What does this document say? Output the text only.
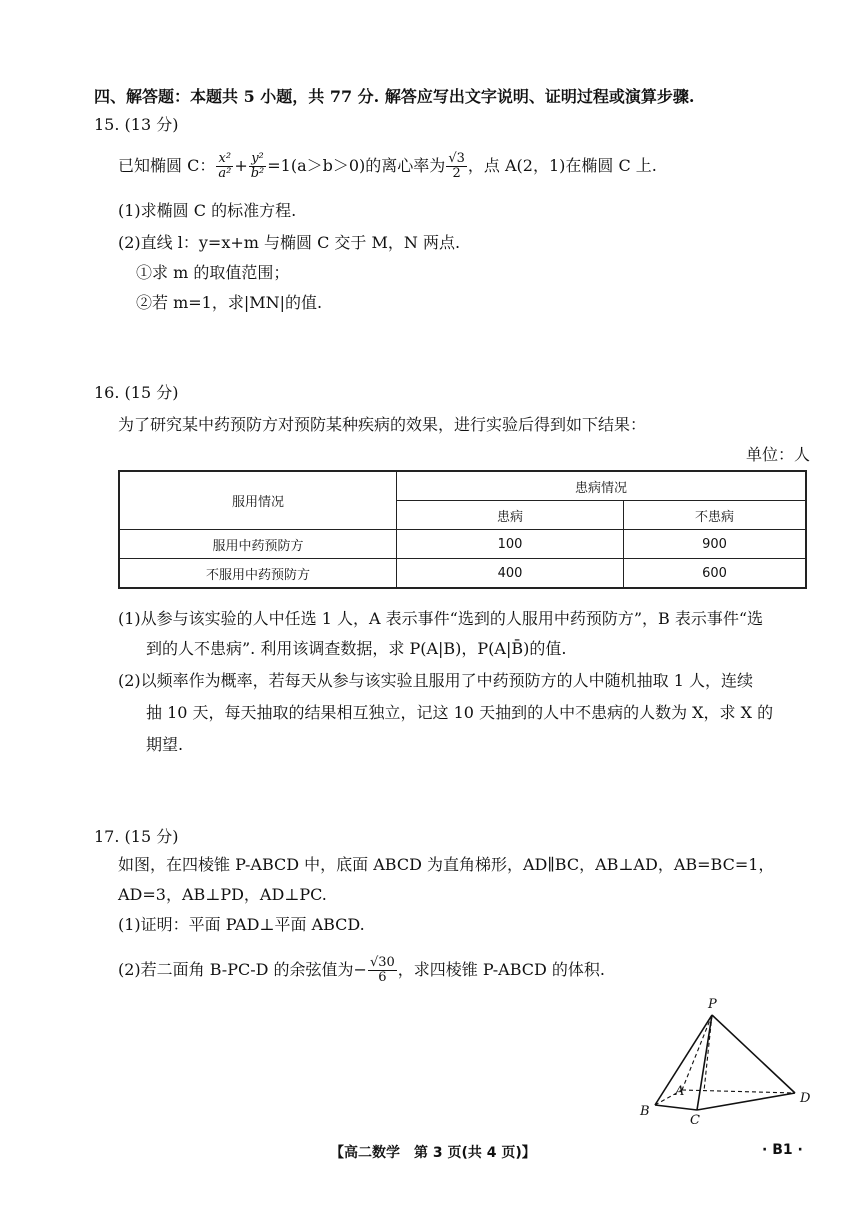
四、解答题：本题共 5 小题，共 77 分. 解答应写出文字说明、证明过程或演算步骤.
15. (13 分)
已知椭圆 C： $\frac{\text{x²}}{\text{a²}} + \frac{\text{y²}}{\text{b²}} =1(a>b>0)$的离心率为 $\frac{√3}{2}$ ，点 A(2，1)在椭圆 C 上.
(1)求椭圆 C 的标准方程.
(2)直线 l：y=x+m 与椭圆 C 交于 M，N 两点.
①求 m 的取值范围；
②若 m=1，求|MN|的值.
16. (15 分)
为了研究某中药预防方对预防某种疾病的效果，进行实验后得到如下结果：
单位：人
服用情况	患病情况	
	患病	不患病
服用中药预防方	100	900
不服用中药预防方	400	600
(1)从参与该实验的人中任选 1 人，A 表示事件“选到的人服用中药预防方”，B 表示事件“选
到的人不患病”. 利用该调查数据，求 P(A|B)，P(A|B̄)的值.
(2)以频率作为概率，若每天从参与该实验且服用了中药预防方的人中随机抽取 1 人，连续
抽 10 天，每天抽取的结果相互独立，记这 10 天抽到的人中不患病的人数为 X，求 X 的
期望.
17. (15 分)
如图，在四棱锥 P-ABCD 中，底面 ABCD 为直角梯形，AD∥BC，AB⊥AD，AB=BC=1，
AD=3，AB⊥PD，AD⊥PC.
(1)证明：平面 PAD⊥平面 ABCD.
(2)若二面角 B-PC-D 的余弦值为− $\frac{√30}{6}$ ，求四棱锥 P-ABCD 的体积.
P
A
B
C
D
【高二数学　第 3 页(共 4 页)】	· B1 ·
